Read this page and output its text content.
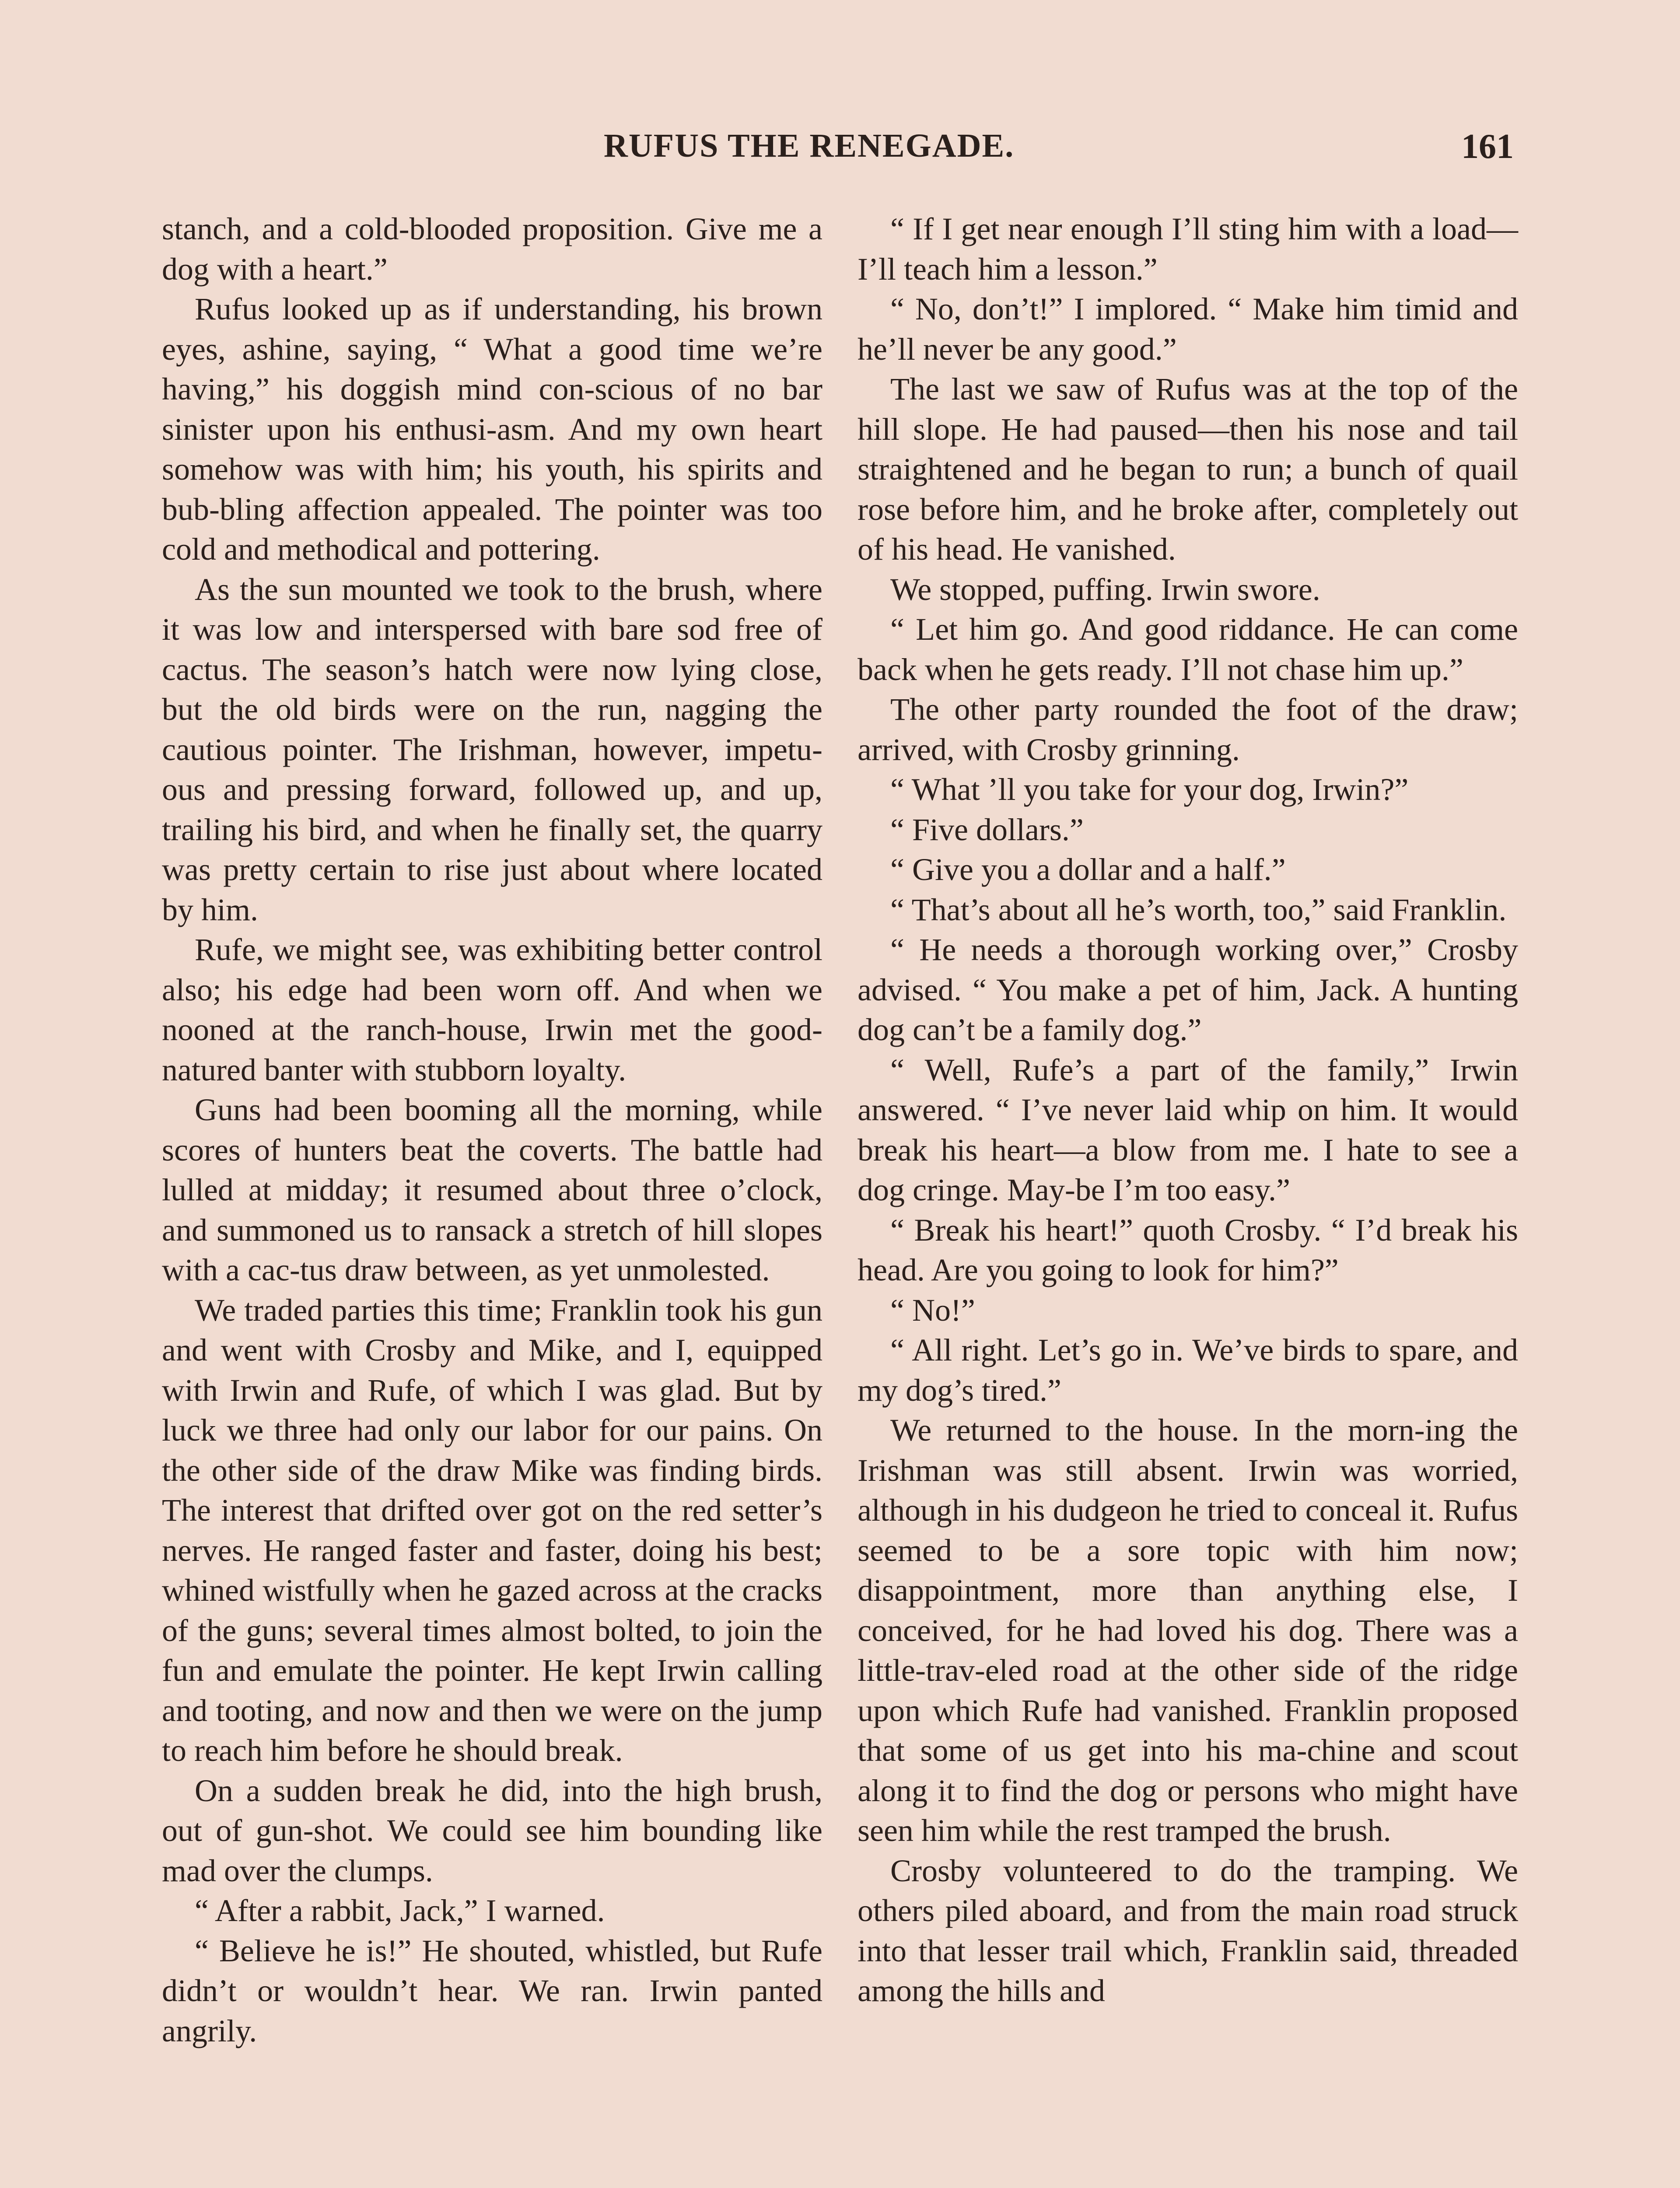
RUFUS THE RENEGADE.	161

stanch, and a cold-blooded proposition. Give me a dog with a heart.”

Rufus looked up as if understanding, his brown eyes, ashine, saying, “ What a good time we’re having,” his doggish mind con-scious of no bar sinister upon his enthusi-asm. And my own heart somehow was with him; his youth, his spirits and bub-bling affection appealed. The pointer was too cold and methodical and pottering.

As the sun mounted we took to the brush, where it was low and interspersed with bare sod free of cactus. The season’s hatch were now lying close, but the old birds were on the run, nagging the cautious pointer. The Irishman, however, impetu-ous and pressing forward, followed up, and up, trailing his bird, and when he finally set, the quarry was pretty certain to rise just about where located by him.

Rufe, we might see, was exhibiting better control also; his edge had been worn off. And when we nooned at the ranch-house, Irwin met the good-natured banter with stubborn loyalty.

Guns had been booming all the morning, while scores of hunters beat the coverts. The battle had lulled at midday; it resumed about three o’clock, and summoned us to ransack a stretch of hill slopes with a cac-tus draw between, as yet unmolested.

We traded parties this time; Franklin took his gun and went with Crosby and Mike, and I, equipped with Irwin and Rufe, of which I was glad. But by luck we three had only our labor for our pains. On the other side of the draw Mike was finding birds. The interest that drifted over got on the red setter’s nerves. He ranged faster and faster, doing his best; whined wistfully when he gazed across at the cracks of the guns; several times almost bolted, to join the fun and emulate the pointer. He kept Irwin calling and tooting, and now and then we were on the jump to reach him before he should break.

On a sudden break he did, into the high brush, out of gun-shot. We could see him bounding like mad over the clumps.

“ After a rabbit, Jack,” I warned.

“ Believe he is!” He shouted, whistled, but Rufe didn’t or wouldn’t hear. We ran. Irwin panted angrily.

“ If I get near enough I’ll sting him with a load—I’ll teach him a lesson.”

“ No, don’t!” I implored. “ Make him timid and he’ll never be any good.”

The last we saw of Rufus was at the top of the hill slope. He had paused—then his nose and tail straightened and he began to run; a bunch of quail rose before him, and he broke after, completely out of his head. He vanished.

We stopped, puffing. Irwin swore.

“ Let him go. And good riddance. He can come back when he gets ready. I’ll not chase him up.”

The other party rounded the foot of the draw; arrived, with Crosby grinning.

“ What ’ll you take for your dog, Irwin?”

“ Five dollars.”

“ Give you a dollar and a half.”

“ That’s about all he’s worth, too,” said Franklin.

“ He needs a thorough working over,” Crosby advised. “ You make a pet of him, Jack. A hunting dog can’t be a family dog.”

“ Well, Rufe’s a part of the family,” Irwin answered. “ I’ve never laid whip on him. It would break his heart—a blow from me. I hate to see a dog cringe. May-be I’m too easy.”

“ Break his heart!” quoth Crosby. “ I’d break his head. Are you going to look for him?”

“ No!”

“ All right. Let’s go in. We’ve birds to spare, and my dog’s tired.”

We returned to the house. In the morn-ing the Irishman was still absent. Irwin was worried, although in his dudgeon he tried to conceal it. Rufus seemed to be a sore topic with him now; disappointment, more than anything else, I conceived, for he had loved his dog. There was a little-trav-eled road at the other side of the ridge upon which Rufe had vanished. Franklin proposed that some of us get into his ma-chine and scout along it to find the dog or persons who might have seen him while the rest tramped the brush.

Crosby volunteered to do the tramping. We others piled aboard, and from the main road struck into that lesser trail which, Franklin said, threaded among the hills and
